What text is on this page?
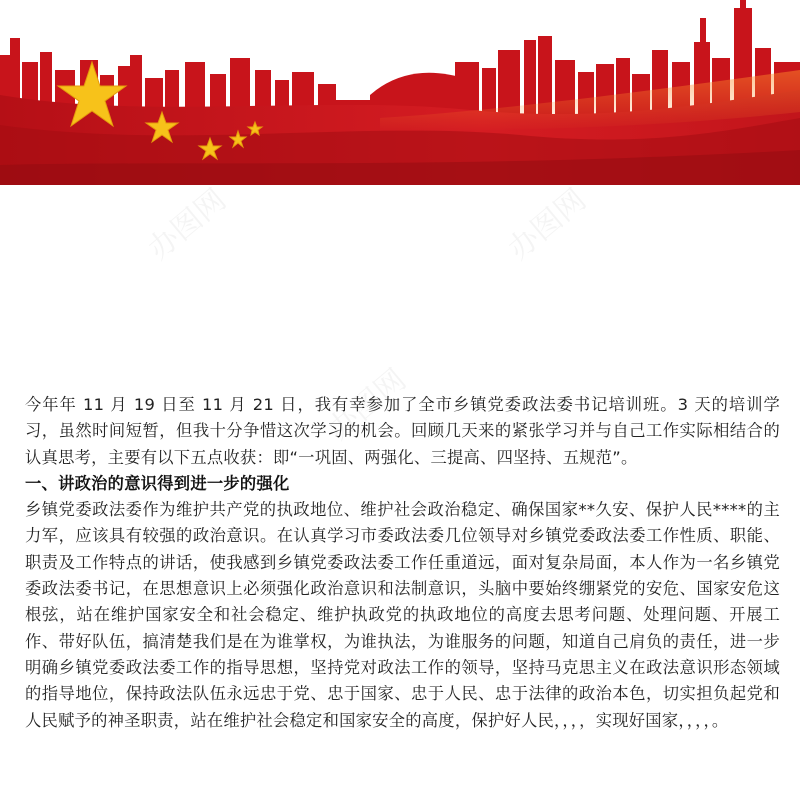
办图网	办图网
办图网

今年年 11 月 19 日至 11 月 21 日，我有幸参加了全市乡镇党委政法委书记培训班。3 天的培训学习，虽然时间短暂，但我十分争惜这次学习的机会。回顾几天来的紧张学习并与自己工作实际相结合的认真思考，主要有以下五点收获：即“一巩固、两强化、三提高、四坚持、五规范”。

一、讲政治的意识得到进一步的强化

乡镇党委政法委作为维护共产党的执政地位、维护社会政治稳定、确保国家**久安、保护人民****的主力军，应该具有较强的政治意识。在认真学习市委政法委几位领导对乡镇党委政法委工作性质、职能、职责及工作特点的讲话，使我感到乡镇党委政法委工作任重道远，面对复杂局面，本人作为一名乡镇党委政法委书记，在思想意识上必须强化政治意识和法制意识，头脑中要始终绷紧党的安危、国家安危这根弦，站在维护国家安全和社会稳定、维护执政党的执政地位的高度去思考问题、处理问题、开展工作、带好队伍，搞清楚我们是在为谁掌权，为谁执法，为谁服务的问题，知道自己肩负的责任，进一步明确乡镇党委政法委工作的指导思想，坚持党对政法工作的领导，坚持马克思主义在政法意识形态领域的指导地位，保持政法队伍永远忠于党、忠于国家、忠于人民、忠于法律的政治本色，切实担负起党和人民赋予的神圣职责，站在维护社会稳定和国家安全的高度，保护好人民，，，，实现好国家，，，，。
